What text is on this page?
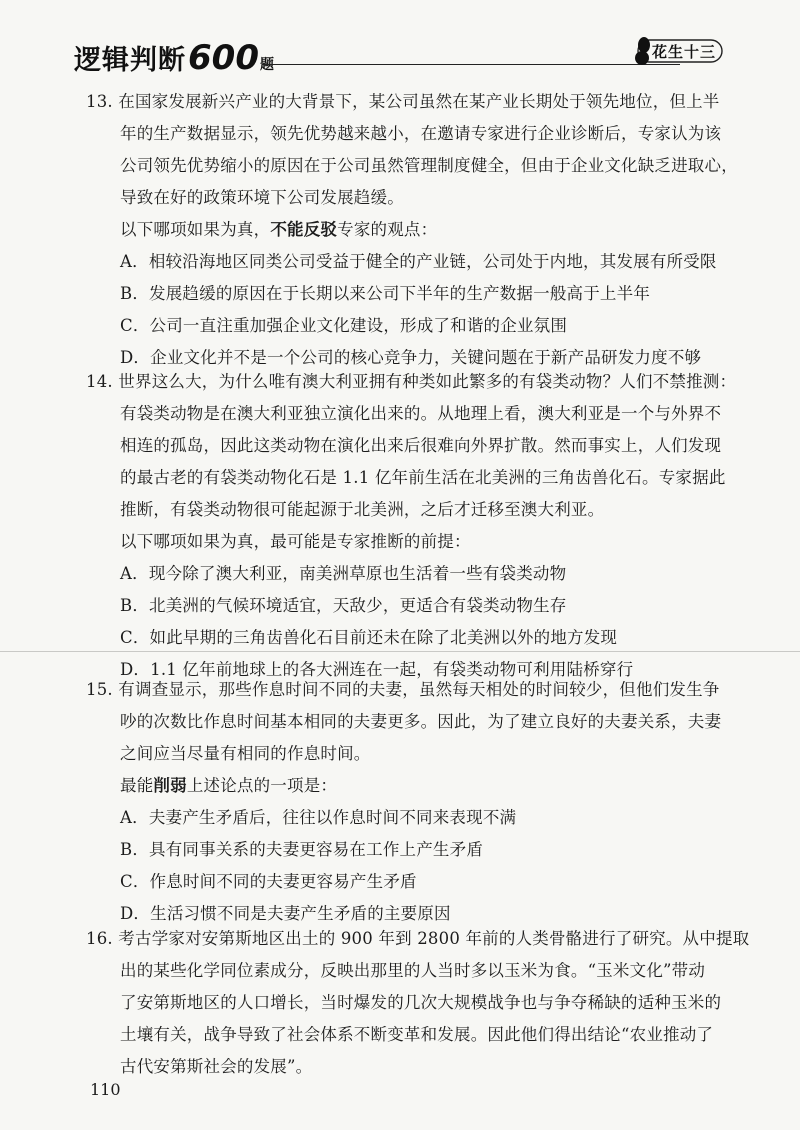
逻辑判断600题
花生十三
13. 在国家发展新兴产业的大背景下，某公司虽然在某产业长期处于领先地位，但上半
年的生产数据显示，领先优势越来越小，在邀请专家进行企业诊断后，专家认为该
公司领先优势缩小的原因在于公司虽然管理制度健全，但由于企业文化缺乏进取心，
导致在好的政策环境下公司发展趋缓。
以下哪项如果为真，不能反驳专家的观点：
A．相较沿海地区同类公司受益于健全的产业链，公司处于内地，其发展有所受限
B．发展趋缓的原因在于长期以来公司下半年的生产数据一般高于上半年
C．公司一直注重加强企业文化建设，形成了和谐的企业氛围
D．企业文化并不是一个公司的核心竞争力，关键问题在于新产品研发力度不够
14. 世界这么大，为什么唯有澳大利亚拥有种类如此繁多的有袋类动物？人们不禁推测：
有袋类动物是在澳大利亚独立演化出来的。从地理上看，澳大利亚是一个与外界不
相连的孤岛，因此这类动物在演化出来后很难向外界扩散。然而事实上，人们发现
的最古老的有袋类动物化石是 1.1 亿年前生活在北美洲的三角齿兽化石。专家据此
推断，有袋类动物很可能起源于北美洲，之后才迁移至澳大利亚。
以下哪项如果为真，最可能是专家推断的前提：
A．现今除了澳大利亚，南美洲草原也生活着一些有袋类动物
B．北美洲的气候环境适宜，天敌少，更适合有袋类动物生存
C．如此早期的三角齿兽化石目前还未在除了北美洲以外的地方发现
D．1.1 亿年前地球上的各大洲连在一起，有袋类动物可利用陆桥穿行
15. 有调查显示，那些作息时间不同的夫妻，虽然每天相处的时间较少，但他们发生争
吵的次数比作息时间基本相同的夫妻更多。因此，为了建立良好的夫妻关系，夫妻
之间应当尽量有相同的作息时间。
最能削弱上述论点的一项是：
A．夫妻产生矛盾后，往往以作息时间不同来表现不满
B．具有同事关系的夫妻更容易在工作上产生矛盾
C．作息时间不同的夫妻更容易产生矛盾
D．生活习惯不同是夫妻产生矛盾的主要原因
16. 考古学家对安第斯地区出土的 900 年到 2800 年前的人类骨骼进行了研究。从中提取
出的某些化学同位素成分，反映出那里的人当时多以玉米为食。“玉米文化”带动
了安第斯地区的人口增长，当时爆发的几次大规模战争也与争夺稀缺的适种玉米的
土壤有关，战争导致了社会体系不断变革和发展。因此他们得出结论“农业推动了
古代安第斯社会的发展”。
110
